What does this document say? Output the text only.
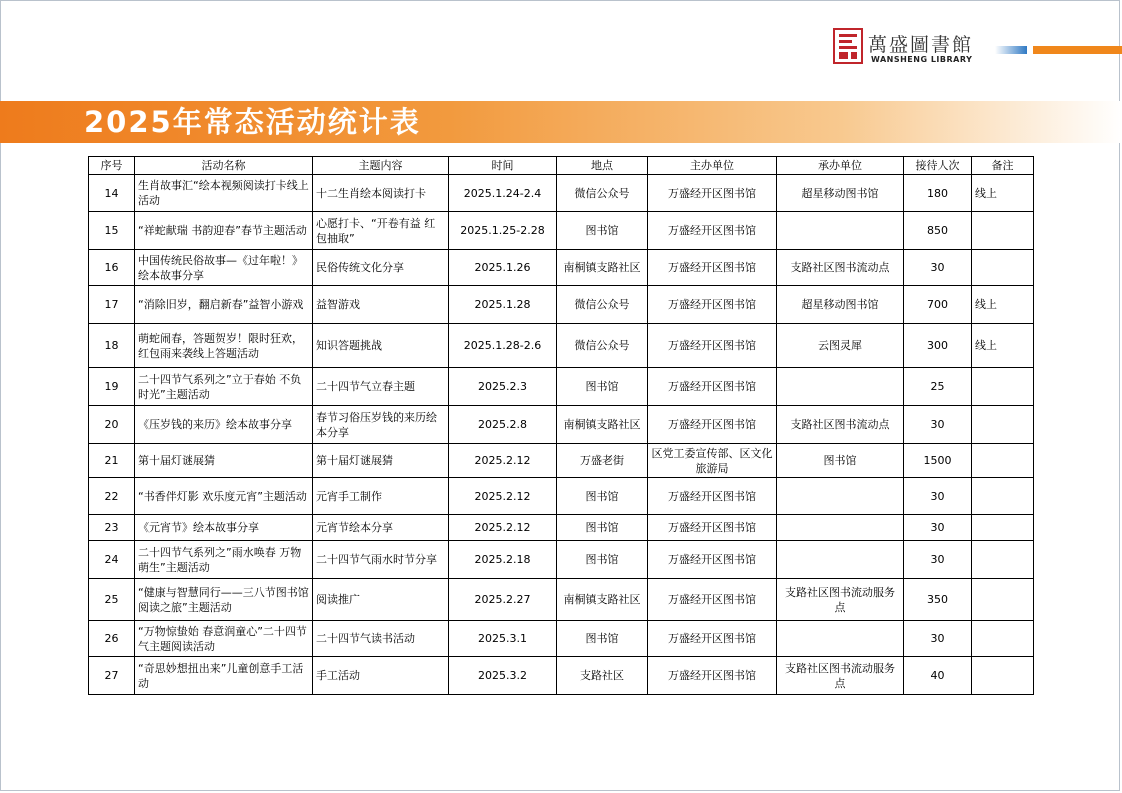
萬盛圖書館
WANSHENG LIBRARY
2025年常态活动统计表
序号	活动名称	主题内容	时间	地点	主办单位	承办单位	接待人次	备注
14	生肖故事汇“绘本视频阅读打卡线上活动	十二生肖绘本阅读打卡	2025.1.24-2.4	微信公众号	万盛经开区图书馆	超星移动图书馆	180	线上
15	“祥蛇献瑞 书韵迎春”春节主题活动	心愿打卡、“开卷有益 红包抽取”	2025.1.25-2.28	图书馆	万盛经开区图书馆		850	
16	中国传统民俗故事—《过年啦！》绘本故事分享	民俗传统文化分享	2025.1.26	南桐镇支路社区	万盛经开区图书馆	支路社区图书流动点	30	
17	“消除旧岁，翻启新春”益智小游戏	益智游戏	2025.1.28	微信公众号	万盛经开区图书馆	超星移动图书馆	700	线上
18	萌蛇闹春，答题贺岁！限时狂欢，红包雨来袭线上答题活动	知识答题挑战	2025.1.28-2.6	微信公众号	万盛经开区图书馆	云图灵犀	300	线上
19	二十四节气系列之”立于春始 不负时光”主题活动	二十四节气立春主题	2025.2.3	图书馆	万盛经开区图书馆		25	
20	《压岁钱的来历》绘本故事分享	春节习俗压岁钱的来历绘本分享	2025.2.8	南桐镇支路社区	万盛经开区图书馆	支路社区图书流动点	30	
21	第十届灯谜展猜	第十届灯谜展猜	2025.2.12	万盛老街	区党工委宣传部、区文化旅游局	图书馆	1500	
22	“书香伴灯影 欢乐度元宵”主题活动	元宵手工制作	2025.2.12	图书馆	万盛经开区图书馆		30	
23	《元宵节》绘本故事分享	元宵节绘本分享	2025.2.12	图书馆	万盛经开区图书馆		30	
24	二十四节气系列之”雨水唤春 万物萌生”主题活动	二十四节气雨水时节分享	2025.2.18	图书馆	万盛经开区图书馆		30	
25	“健康与智慧同行——三八节图书馆阅读之旅”主题活动	阅读推广	2025.2.27	南桐镇支路社区	万盛经开区图书馆	支路社区图书流动服务点	350	
26	“万物惊蛰始 春意润童心”二十四节气主题阅读活动	二十四节气读书活动	2025.3.1	图书馆	万盛经开区图书馆		30	
27	“奇思妙想扭出来”儿童创意手工活动	手工活动	2025.3.2	支路社区	万盛经开区图书馆	支路社区图书流动服务点	40	
